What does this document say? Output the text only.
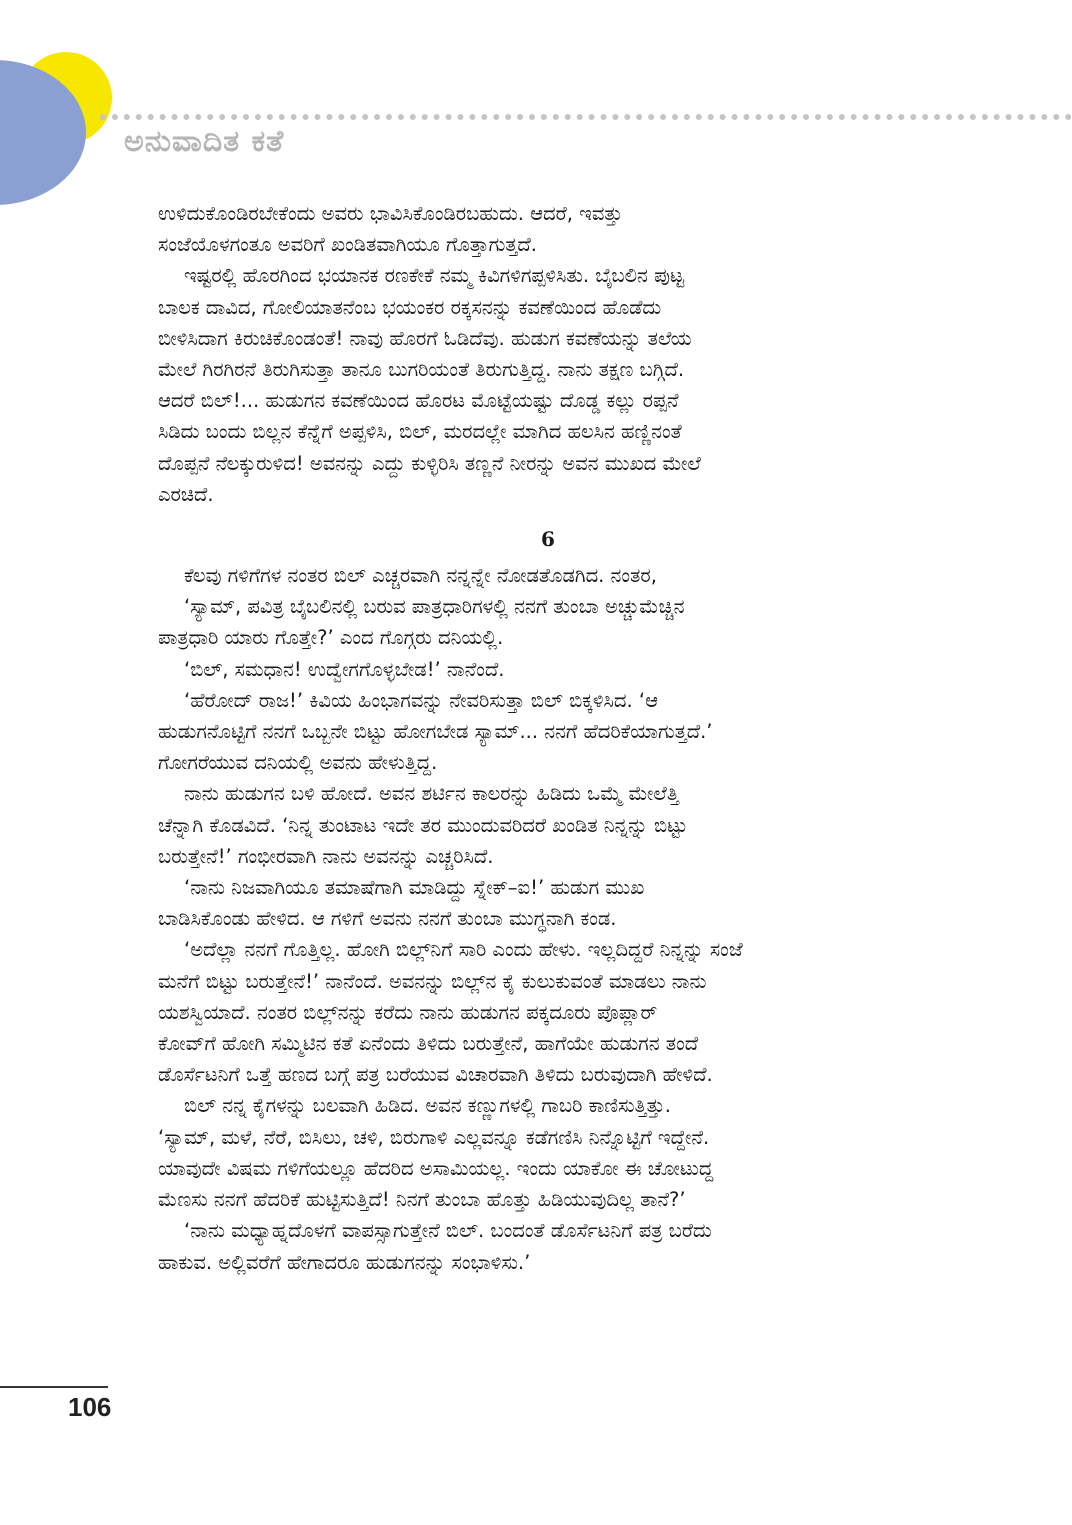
ಅನುವಾದಿತ ಕತೆ

ಉಳಿದುಕೊಂಡಿರಬೇಕೆಂದು ಅವರು ಭಾವಿಸಿಕೊಂಡಿರಬಹುದು. ಆದರೆ, ಇವತ್ತು

ಸಂಜೆಯೊಳಗಂತೂ ಅವರಿಗೆ ಖಂಡಿತವಾಗಿಯೂ ಗೊತ್ತಾಗುತ್ತದೆ.

ಇಷ್ಟರಲ್ಲಿ ಹೊರಗಿಂದ ಭಯಾನಕ ರಣಕೇಕೆ ನಮ್ಮ ಕಿವಿಗಳಿಗಪ್ಪಳಿಸಿತು. ಬೈಬಲಿನ ಪುಟ್ಟ

ಬಾಲಕ ದಾವಿದ, ಗೋಲಿಯಾತನೆಂಬ ಭಯಂಕರ ರಕ್ಕಸನನ್ನು ಕವಣೆಯಿಂದ ಹೊಡೆದು

ಬೀಳಿಸಿದಾಗ ಕಿರುಚಿಕೊಂಡಂತೆ! ನಾವು ಹೊರಗೆ ಓಡಿದೆವು. ಹುಡುಗ ಕವಣೆಯನ್ನು ತಲೆಯ

ಮೇಲೆ ಗಿರಗಿರನೆ ತಿರುಗಿಸುತ್ತಾ ತಾನೂ ಬುಗರಿಯಂತೆ ತಿರುಗುತ್ತಿದ್ದ. ನಾನು ತಕ್ಷಣ ಬಗ್ಗಿದೆ.

ಆದರೆ ಬಿಲ್!... ಹುಡುಗನ ಕವಣೆಯಿಂದ ಹೊರಟ ಮೊಟ್ಟೆಯಷ್ಟು ದೊಡ್ಡ ಕಲ್ಲು ರಪ್ಪನೆ

ಸಿಡಿದು ಬಂದು ಬಿಲ್ಲನ ಕೆನ್ನೆಗೆ ಅಪ್ಪಳಿಸಿ, ಬಿಲ್, ಮರದಲ್ಲೇ ಮಾಗಿದ ಹಲಸಿನ ಹಣ್ಣಿನಂತೆ

ದೊಪ್ಪನೆ ನೆಲಕ್ಕುರುಳಿದ! ಅವನನ್ನು ಎದ್ದು ಕುಳ್ಳಿರಿಸಿ ತಣ್ಣನೆ ನೀರನ್ನು ಅವನ ಮುಖದ ಮೇಲೆ

ಎರಚಿದೆ.

6

ಕೆಲವು ಗಳಿಗೆಗಳ ನಂತರ ಬಿಲ್ ಎಚ್ಚರವಾಗಿ ನನ್ನನ್ನೇ ನೋಡತೊಡಗಿದ. ನಂತರ,

‘ಸ್ಯಾಮ್, ಪವಿತ್ರ ಬೈಬಲಿನಲ್ಲಿ ಬರುವ ಪಾತ್ರಧಾರಿಗಳಲ್ಲಿ ನನಗೆ ತುಂಬಾ ಅಚ್ಚುಮೆಚ್ಚಿನ

ಪಾತ್ರಧಾರಿ ಯಾರು ಗೊತ್ತೇ?’ ಎಂದ ಗೊಗ್ಗರು ದನಿಯಲ್ಲಿ.

‘ಬಿಲ್, ಸಮಧಾನ! ಉದ್ವೇಗಗೊಳ್ಳಬೇಡ!’ ನಾನೆಂದೆ.

‘ಹೆರೋದ್ ರಾಜ!’ ಕಿವಿಯ ಹಿಂಭಾಗವನ್ನು ನೇವರಿಸುತ್ತಾ ಬಿಲ್ ಬಿಕ್ಕಳಿಸಿದ. ‘ಆ

ಹುಡುಗನೊಟ್ಟಿಗೆ ನನಗೆ ಒಬ್ಬನೇ ಬಿಟ್ಟು ಹೋಗಬೇಡ ಸ್ಯಾಮ್... ನನಗೆ ಹೆದರಿಕೆಯಾಗುತ್ತದೆ.’

ಗೋಗರೆಯುವ ದನಿಯಲ್ಲಿ ಅವನು ಹೇಳುತ್ತಿದ್ದ.

ನಾನು ಹುಡುಗನ ಬಳಿ ಹೋದೆ. ಅವನ ಶರ್ಟಿನ ಕಾಲರನ್ನು ಹಿಡಿದು ಒಮ್ಮೆ ಮೇಲೆತ್ತಿ

ಚೆನ್ನಾಗಿ ಕೊಡವಿದೆ. ‘ನಿನ್ನ ತುಂಟಾಟ ಇದೇ ತರ ಮುಂದುವರಿದರೆ ಖಂಡಿತ ನಿನ್ನನ್ನು ಬಿಟ್ಟು

ಬರುತ್ತೇನೆ!’ ಗಂಭೀರವಾಗಿ ನಾನು ಅವನನ್ನು ಎಚ್ಚರಿಸಿದೆ.

‘ನಾನು ನಿಜವಾಗಿಯೂ ತಮಾಷೆಗಾಗಿ ಮಾಡಿದ್ದು ಸ್ನೇಕ್–ಐ!’ ಹುಡುಗ ಮುಖ

ಬಾಡಿಸಿಕೊಂಡು ಹೇಳಿದ. ಆ ಗಳಿಗೆ ಅವನು ನನಗೆ ತುಂಬಾ ಮುಗ್ಧನಾಗಿ ಕಂಡ.

‘ಅದೆಲ್ಲಾ ನನಗೆ ಗೊತ್ತಿಲ್ಲ. ಹೋಗಿ ಬಿಲ್ಲ್‌ನಿಗೆ ಸಾರಿ ಎಂದು ಹೇಳು. ಇಲ್ಲದಿದ್ದರೆ ನಿನ್ನನ್ನು ಸಂಜೆ

ಮನೆಗೆ ಬಿಟ್ಟು ಬರುತ್ತೇನೆ!’ ನಾನೆಂದೆ. ಅವನನ್ನು ಬಿಲ್ಲ್‌ನ ಕೈ ಕುಲುಕುವಂತೆ ಮಾಡಲು ನಾನು

ಯಶಸ್ವಿಯಾದೆ. ನಂತರ ಬಿಲ್ಲ್‌ನನ್ನು ಕರೆದು ನಾನು ಹುಡುಗನ ಪಕ್ಕದೂರು ಪೊಪ್ಲಾರ್

ಕೋವ್‌ಗೆ ಹೋಗಿ ಸಮ್ಮಿಟಿನ ಕತೆ ಏನೆಂದು ತಿಳಿದು ಬರುತ್ತೇನೆ, ಹಾಗೆಯೇ ಹುಡುಗನ ತಂದೆ

ಡೊರ್ಸೆಟನಿಗೆ ಒತ್ತೆ ಹಣದ ಬಗ್ಗೆ ಪತ್ರ ಬರೆಯುವ ವಿಚಾರವಾಗಿ ತಿಳಿದು ಬರುವುದಾಗಿ ಹೇಳಿದೆ.

ಬಿಲ್ ನನ್ನ ಕೈಗಳನ್ನು ಬಲವಾಗಿ ಹಿಡಿದ. ಅವನ ಕಣ್ಣುಗಳಲ್ಲಿ ಗಾಬರಿ ಕಾಣಿಸುತ್ತಿತ್ತು.

‘ಸ್ಯಾಮ್, ಮಳೆ, ನೆರೆ, ಬಿಸಿಲು, ಚಳಿ, ಬಿರುಗಾಳಿ ಎಲ್ಲವನ್ನೂ ಕಡೆಗಣಿಸಿ ನಿನ್ನೊಟ್ಟಿಗೆ ಇದ್ದೇನೆ.

ಯಾವುದೇ ವಿಷಮ ಗಳಿಗೆಯಲ್ಲೂ ಹೆದರಿದ ಅಸಾಮಿಯಲ್ಲ. ಇಂದು ಯಾಕೋ ಈ ಚೋಟುದ್ದ

ಮೆಣಸು ನನಗೆ ಹೆದರಿಕೆ ಹುಟ್ಟಿಸುತ್ತಿದೆ! ನಿನಗೆ ತುಂಬಾ ಹೊತ್ತು ಹಿಡಿಯುವುದಿಲ್ಲ ತಾನೆ?’

‘ನಾನು ಮಧ್ಯಾಹ್ನದೊಳಗೆ ವಾಪಸ್ಸಾಗುತ್ತೇನೆ ಬಿಲ್. ಬಂದಂತೆ ಡೊರ್ಸೆಟನಿಗೆ ಪತ್ರ ಬರೆದು

ಹಾಕುವ. ಅಲ್ಲಿವರೆಗೆ ಹೇಗಾದರೂ ಹುಡುಗನನ್ನು ಸಂಭಾಳಿಸು.’

106
